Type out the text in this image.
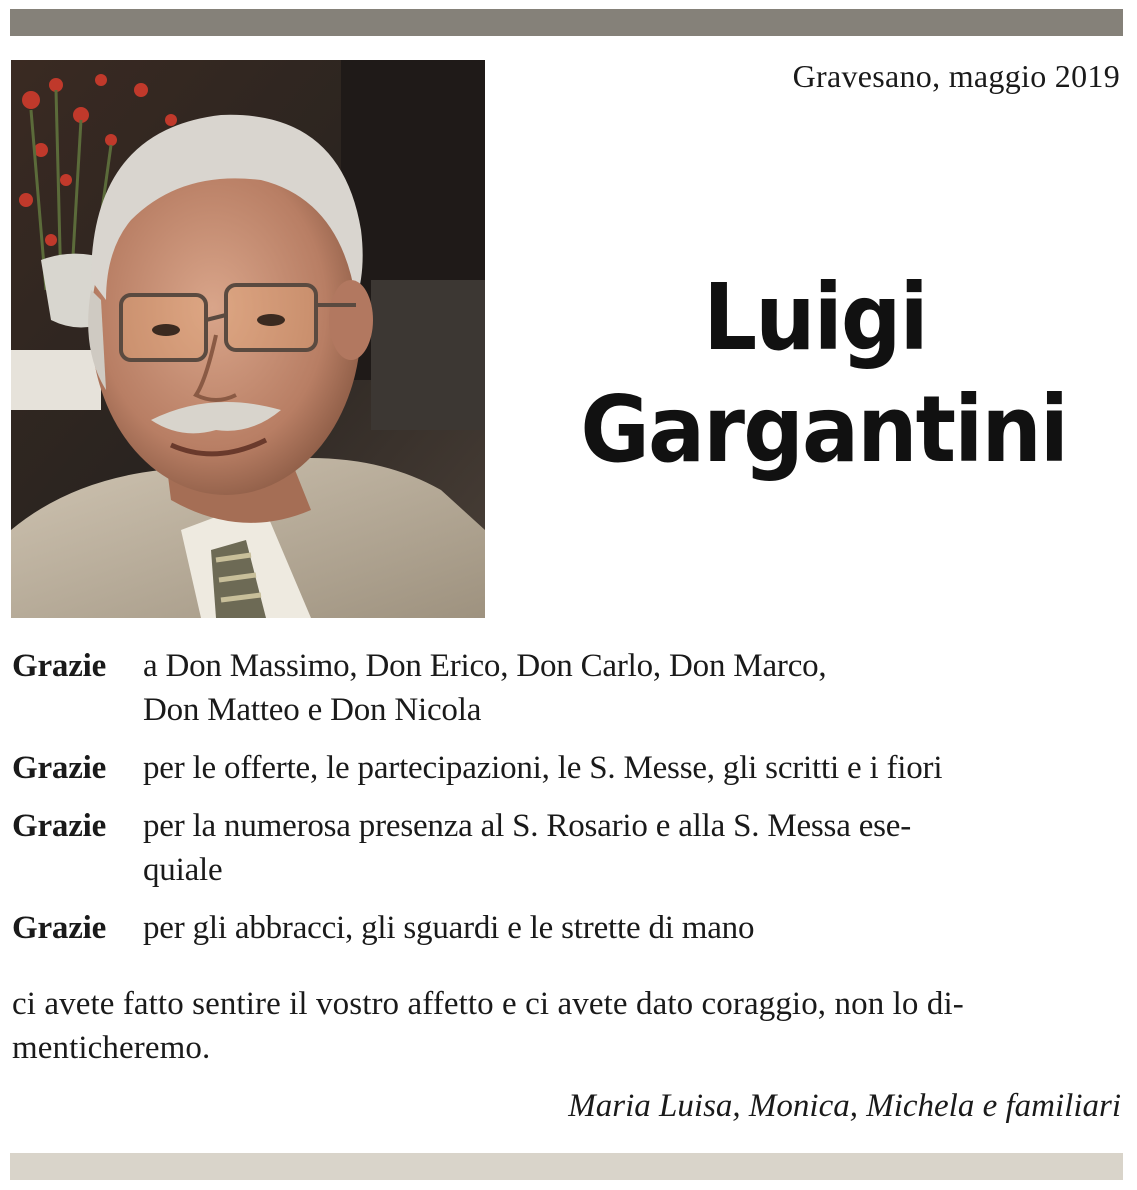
Gravesano, maggio 2019
Luigi
Gargantini
Grazie	a Don Massimo, Don Erico, Don Carlo, Don Marco,
Don Matteo e Don Nicola
Grazie	per le offerte, le partecipazioni, le S. Messe, gli scritti e i fiori
Grazie	per la numerosa presenza al S. Rosario e alla S. Messa ese-
quiale
Grazie	per gli abbracci, gli sguardi e le strette di mano
ci avete fatto sentire il vostro affetto e ci avete dato coraggio, non lo di-
menticheremo.
Maria Luisa, Monica, Michela e familiari
